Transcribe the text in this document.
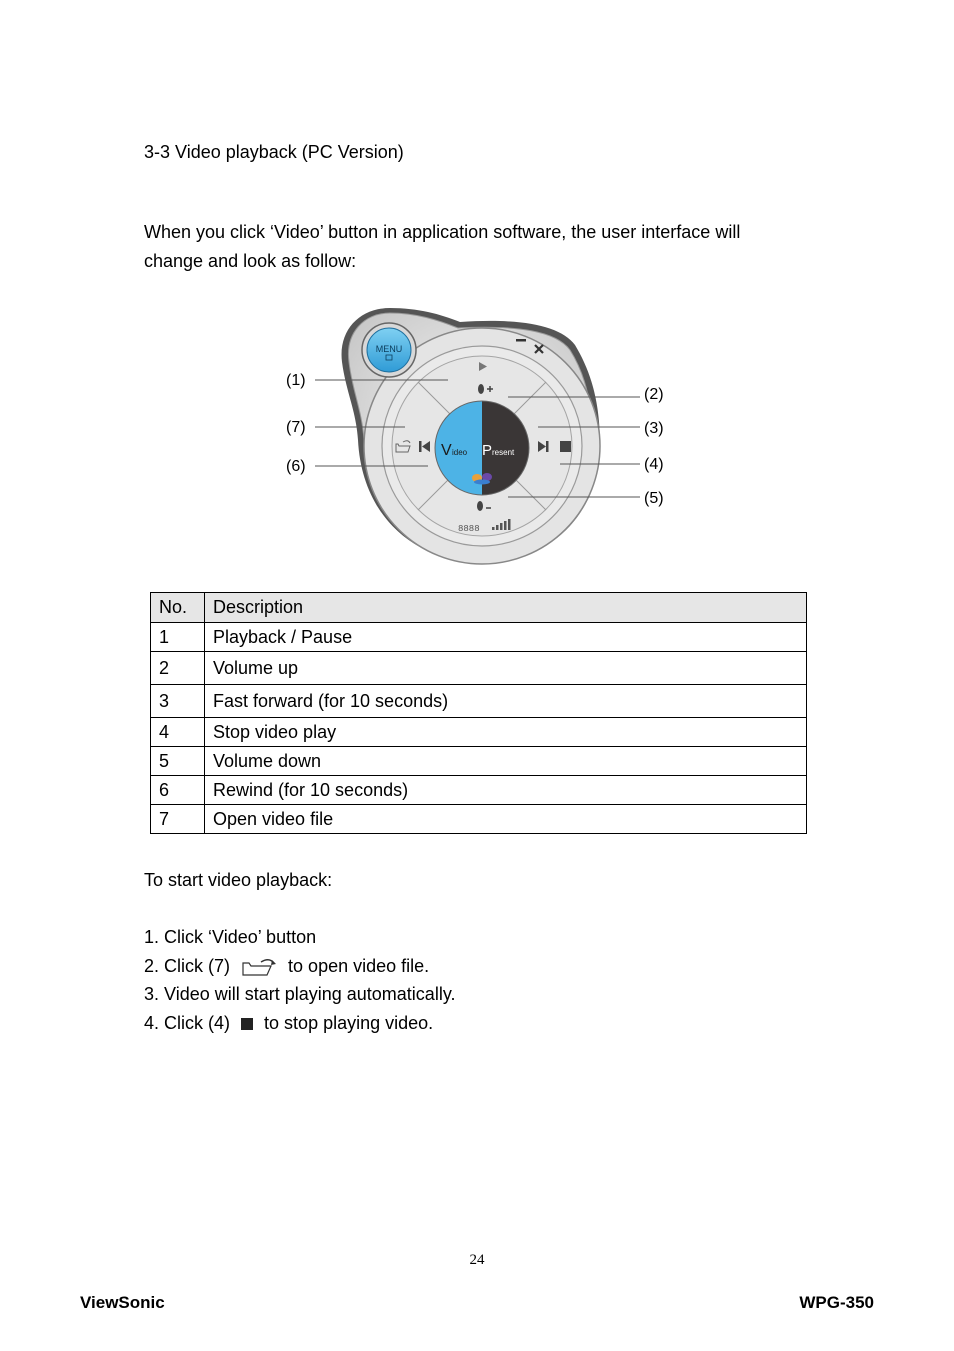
3-3 Video playback (PC Version)
When you click ‘Video’ button in application software, the user interface will
change and look as follow:
MENU
V ideo P resent
8888
(1)
(7)
(6)
(2)
(3)
(4)
(5)
No.	Description
1	Playback / Pause
2	Volume up
3	Fast forward (for 10 seconds)
4	Stop video play
5	Volume down
6	Rewind (for 10 seconds)
7	Open video file
To start video playback:
1. Click ‘Video’ button
2. Click (7)	to open video file.
3. Video will start playing automatically.
4. Click (4) to stop playing video.
24
ViewSonic	WPG-350
